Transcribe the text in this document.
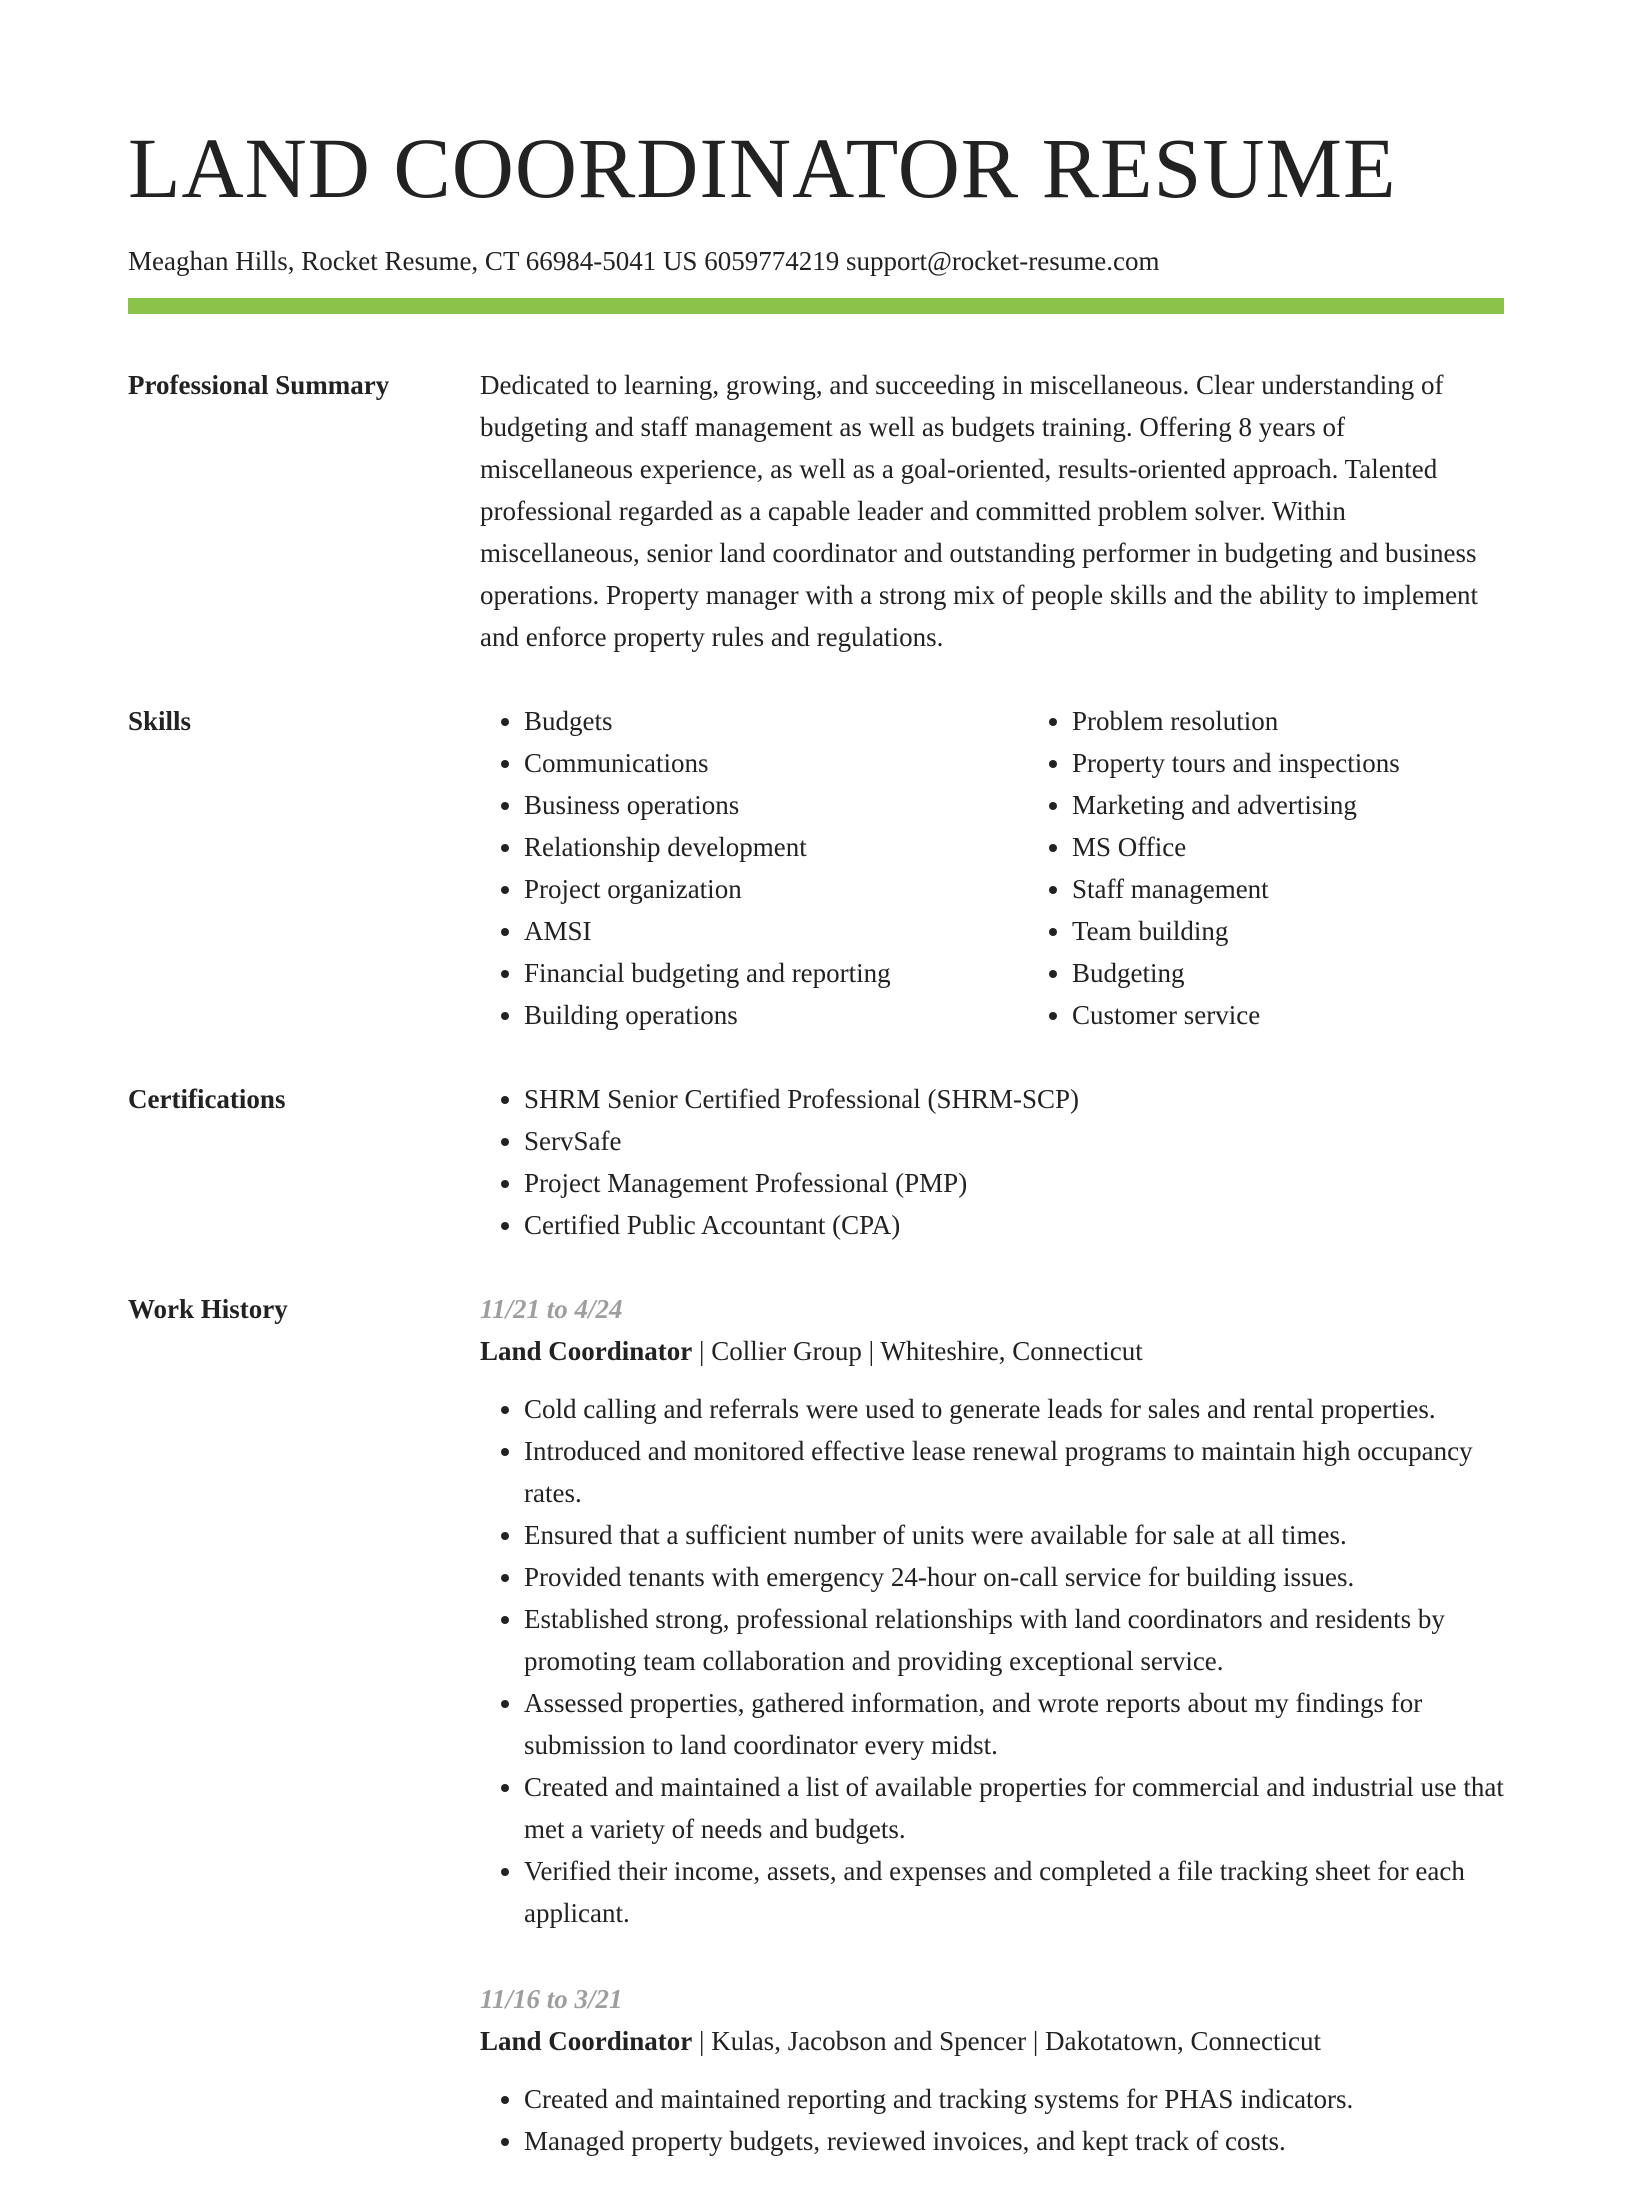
LAND COORDINATOR RESUME
Meaghan Hills, Rocket Resume, CT 66984-5041 US 6059774219 support@rocket-resume.com
Professional Summary	Dedicated to learning, growing, and succeeding in miscellaneous. Clear understanding of budgeting and staff management as well as budgets training. Offering 8 years of miscellaneous experience, as well as a goal-oriented, results-oriented approach. Talented professional regarded as a capable leader and committed problem solver. Within miscellaneous, senior land coordinator and outstanding performer in budgeting and business operations. Property manager with a strong mix of people skills and the ability to implement and enforce property rules and regulations.

Skills	• Budgets
• Communications
• Business operations
• Relationship development
• Project organization
• AMSI
• Financial budgeting and reporting
• Building operations
• Problem resolution
• Property tours and inspections
• Marketing and advertising
• MS Office
• Staff management
• Team building
• Budgeting
• Customer service
Certifications	• SHRM Senior Certified Professional (SHRM-SCP)
• ServSafe
• Project Management Professional (PMP)
• Certified Public Accountant (CPA)
Work History	11/21 to 4/24
Land Coordinator | Collier Group | Whiteshire, Connecticut
• Cold calling and referrals were used to generate leads for sales and rental properties.
• Introduced and monitored effective lease renewal programs to maintain high occupancy rates.
• Ensured that a sufficient number of units were available for sale at all times.
• Provided tenants with emergency 24-hour on-call service for building issues.
• Established strong, professional relationships with land coordinators and residents by promoting team collaboration and providing exceptional service.
• Assessed properties, gathered information, and wrote reports about my findings for submission to land coordinator every midst.
• Created and maintained a list of available properties for commercial and industrial use that met a variety of needs and budgets.
• Verified their income, assets, and expenses and completed a file tracking sheet for each applicant.
11/16 to 3/21
Land Coordinator | Kulas, Jacobson and Spencer | Dakotatown, Connecticut
• Created and maintained reporting and tracking systems for PHAS indicators.
• Managed property budgets, reviewed invoices, and kept track of costs.
